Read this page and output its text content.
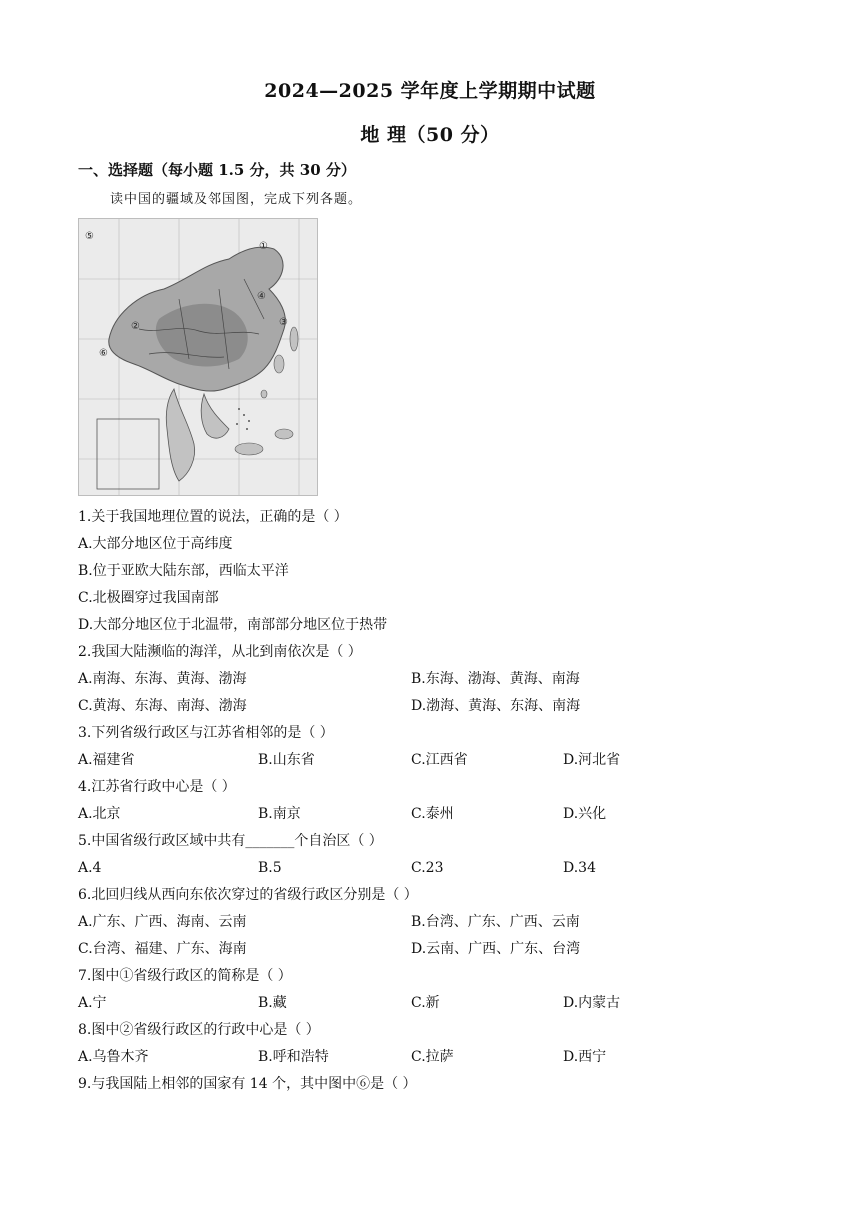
2024—2025 学年度上学期期中试题
地 理（50 分）
一、选择题（每小题 1.5 分，共 30 分）
读中国的疆域及邻国图，完成下列各题。
⑤
①
②	③
⑥
④
1.关于我国地理位置的说法，正确的是（ ）
A.大部分地区位于高纬度
B.位于亚欧大陆东部，西临太平洋
C.北极圈穿过我国南部
D.大部分地区位于北温带，南部部分地区位于热带
2.我国大陆濒临的海洋，从北到南依次是（ ）
A.南海、东海、黄海、渤海	B.东海、渤海、黄海、南海
C.黄海、东海、南海、渤海	D.渤海、黄海、东海、南海
3.下列省级行政区与江苏省相邻的是（ ）
A.福建省	B.山东省	C.江西省	D.河北省
4.江苏省行政中心是（ ）
A.北京	B.南京	C.泰州	D.兴化
5.中国省级行政区域中共有_______个自治区（ ）
A.4	B.5	C.23	D.34
6.北回归线从西向东依次穿过的省级行政区分别是（ ）
A.广东、广西、海南、云南	B.台湾、广东、广西、云南
C.台湾、福建、广东、海南	D.云南、广西、广东、台湾
7.图中①省级行政区的简称是（ ）
A.宁	B.藏	C.新	D.内蒙古
8.图中②省级行政区的行政中心是（ ）
A.乌鲁木齐	B.呼和浩特	C.拉萨	D.西宁
9.与我国陆上相邻的国家有 14 个，其中图中⑥是（ ）
